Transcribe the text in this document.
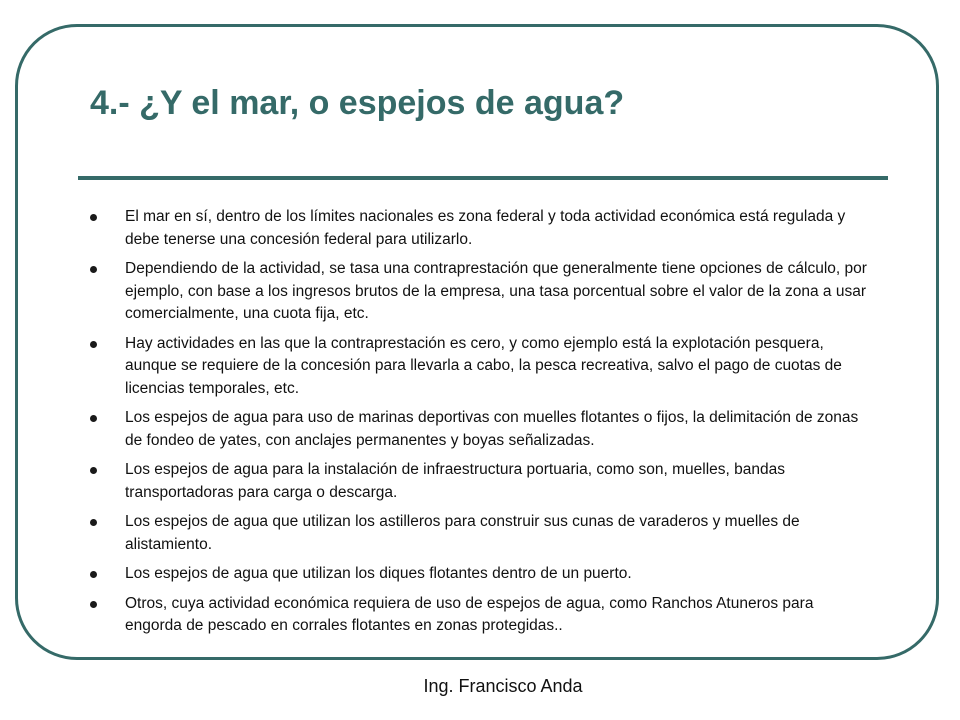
4.- ¿Y el mar, o espejos de agua?
El mar en sí, dentro de los límites nacionales es zona federal y toda actividad económica está regulada y debe tenerse una concesión federal para utilizarlo.
Dependiendo de la actividad, se tasa una contraprestación que generalmente tiene opciones de cálculo, por ejemplo, con base a los ingresos brutos de la empresa, una tasa porcentual sobre el valor de la zona a usar comercialmente, una cuota fija, etc.
Hay actividades en las que la contraprestación es cero, y como ejemplo está la explotación pesquera, aunque se requiere de la concesión para llevarla a cabo, la pesca recreativa, salvo el pago de cuotas de licencias temporales, etc.
Los espejos de agua para uso de marinas deportivas con muelles flotantes o fijos, la delimitación de zonas de fondeo de yates, con anclajes permanentes y boyas señalizadas.
Los espejos de agua para la instalación de infraestructura portuaria, como son, muelles, bandas transportadoras para carga o descarga.
Los espejos de agua que utilizan los astilleros para construir sus cunas de varaderos y muelles de alistamiento.
Los espejos de agua que utilizan los diques flotantes dentro de un puerto.
Otros, cuya actividad económica requiera de uso de espejos de agua, como Ranchos Atuneros para engorda de pescado en corrales flotantes en zonas protegidas..
Ing. Francisco Anda
